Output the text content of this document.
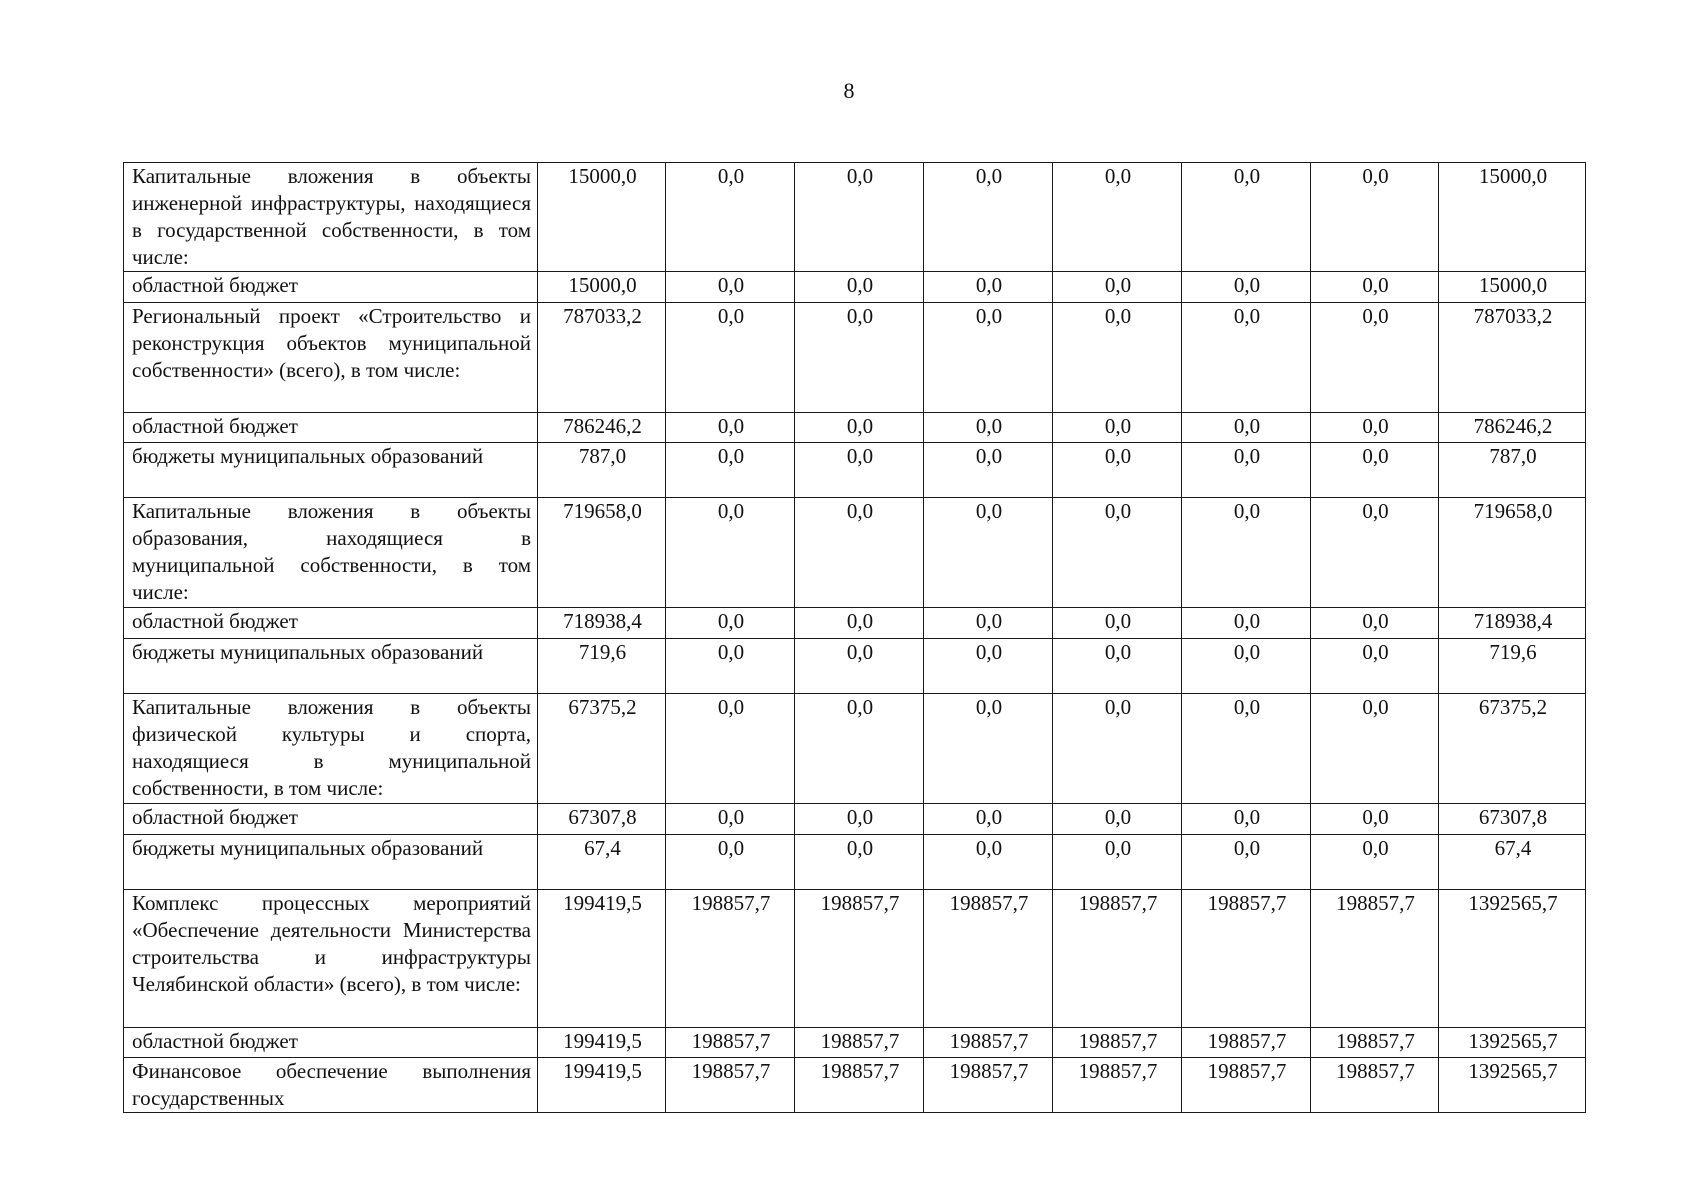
8
Капитальные вложения в объекты инженерной инфраструктуры, находящиеся в государственной собственности, в том числе:	15000,0	0,0	0,0	0,0	0,0	0,0	0,0	15000,0
областной бюджет	15000,0	0,0	0,0	0,0	0,0	0,0	0,0	15000,0
Региональный проект «Строительство и реконструкция объектов муниципальной собственности» (всего), в том числе:	787033,2	0,0	0,0	0,0	0,0	0,0	0,0	787033,2
областной бюджет	786246,2	0,0	0,0	0,0	0,0	0,0	0,0	786246,2
бюджеты муниципальных образований	787,0	0,0	0,0	0,0	0,0	0,0	0,0	787,0
Капитальные вложения в объекты образования, находящиеся в муниципальной собственности, в том числе:	719658,0	0,0	0,0	0,0	0,0	0,0	0,0	719658,0
областной бюджет	718938,4	0,0	0,0	0,0	0,0	0,0	0,0	718938,4
бюджеты муниципальных образований	719,6	0,0	0,0	0,0	0,0	0,0	0,0	719,6
Капитальные вложения в объекты физической культуры и спорта, находящиеся в муниципальной собственности, в том числе:	67375,2	0,0	0,0	0,0	0,0	0,0	0,0	67375,2
областной бюджет	67307,8	0,0	0,0	0,0	0,0	0,0	0,0	67307,8
бюджеты муниципальных образований	67,4	0,0	0,0	0,0	0,0	0,0	0,0	67,4
Комплекс процессных мероприятий «Обеспечение деятельности Министерства строительства и инфраструктуры Челябинской области» (всего), в том числе:	199419,5	198857,7	198857,7	198857,7	198857,7	198857,7	198857,7	1392565,7
областной бюджет	199419,5	198857,7	198857,7	198857,7	198857,7	198857,7	198857,7	1392565,7
Финансовое обеспечение выполнения государственных	199419,5	198857,7	198857,7	198857,7	198857,7	198857,7	198857,7	1392565,7
